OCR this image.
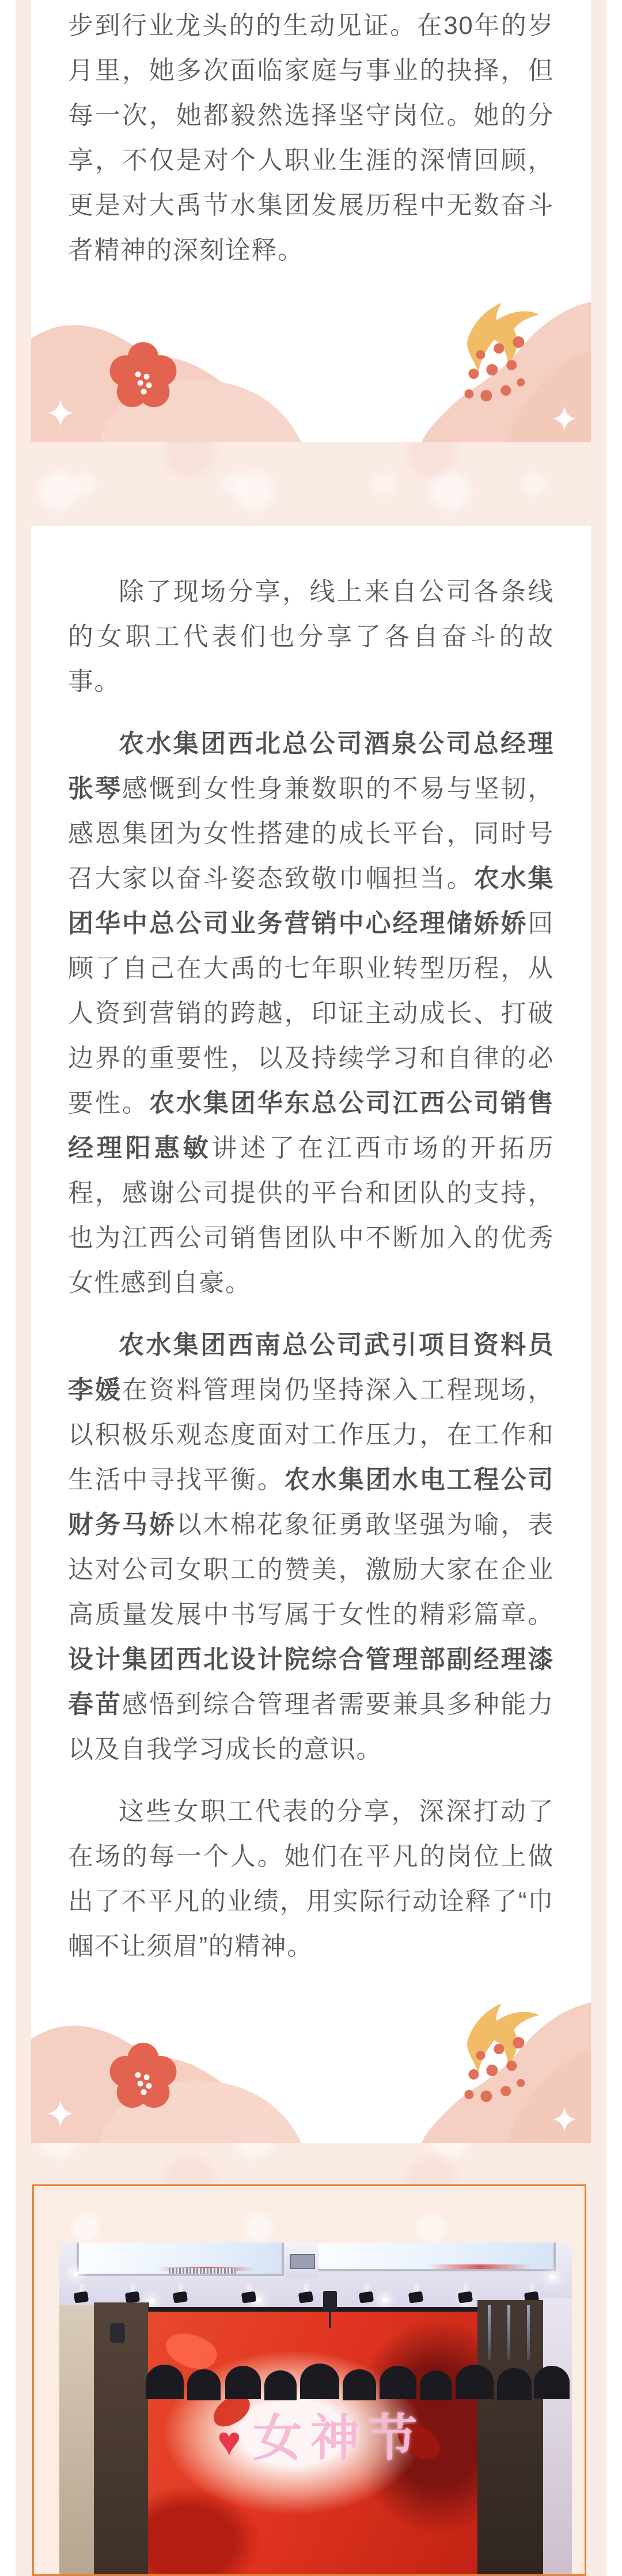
步到行业龙头的的生动见证。在30年的岁月里，她多次面临家庭与事业的抉择，但每一次，她都毅然选择坚守岗位。她的分享，不仅是对个人职业生涯的深情回顾，更是对大禹节水集团发展历程中无数奋斗者精神的深刻诠释。

除了现场分享，线上来自公司各条线的女职工代表们也分享了各自奋斗的故事。

农水集团西北总公司酒泉公司总经理张琴感慨到女性身兼数职的不易与坚韧，感恩集团为女性搭建的成长平台，同时号召大家以奋斗姿态致敬巾帼担当。农水集团华中总公司业务营销中心经理储娇娇回顾了自己在大禹的七年职业转型历程，从人资到营销的跨越，印证主动成长、打破边界的重要性，以及持续学习和自律的必要性。农水集团华东总公司江西公司销售经理阳惠敏讲述了在江西市场的开拓历程，感谢公司提供的平台和团队的支持，也为江西公司销售团队中不断加入的优秀女性感到自豪。

农水集团西南总公司武引项目资料员李媛在资料管理岗仍坚持深入工程现场，以积极乐观态度面对工作压力，在工作和生活中寻找平衡。农水集团水电工程公司财务马娇以木棉花象征勇敢坚强为喻，表达对公司女职工的赞美，激励大家在企业高质量发展中书写属于女性的精彩篇章。设计集团西北设计院综合管理部副经理漆春苗感悟到综合管理者需要兼具多种能力以及自我学习成长的意识。

这些女职工代表的分享，深深打动了在场的每一个人。她们在平凡的岗位上做出了不平凡的业绩，用实际行动诠释了“巾帼不让须眉”的精神。

♥女神节
